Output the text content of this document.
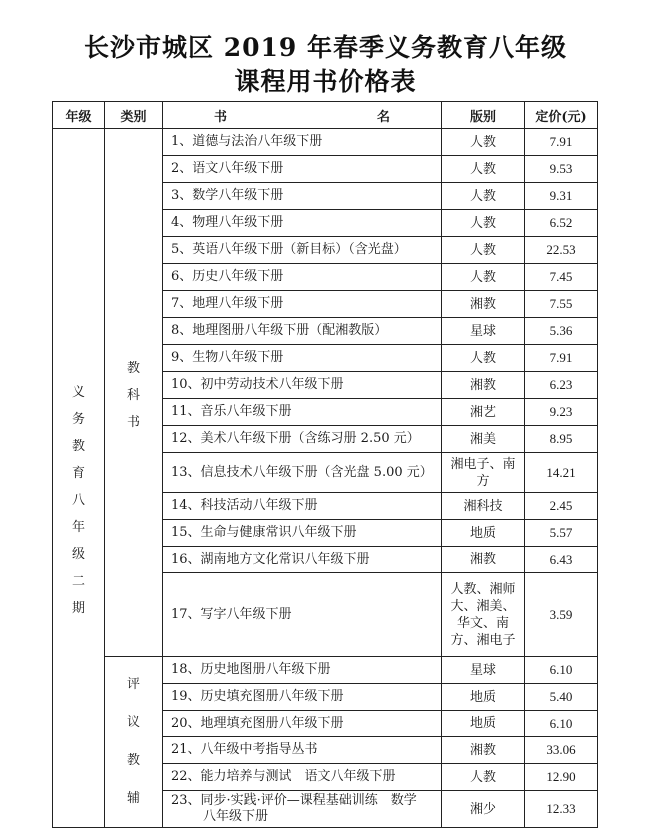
长沙市城区 2019 年春季义务教育八年级
课程用书价格表
年级	类别	书 名	版别	定价(元)
义务教育八年级二期	教科书	1、道德与法治八年级下册	人教	7.91
		2、语文八年级下册	人教	9.53
		3、数学八年级下册	人教	9.31
		4、物理八年级下册	人教	6.52
		5、英语八年级下册（新目标）（含光盘）	人教	22.53
		6、历史八年级下册	人教	7.45
		7、地理八年级下册	湘教	7.55
		8、地理图册八年级下册（配湘教版）	星球	5.36
		9、生物八年级下册	人教	7.91
		10、初中劳动技术八年级下册	湘教	6.23
		11、音乐八年级下册	湘艺	9.23
		12、美术八年级下册（含练习册 2.50 元）	湘美	8.95
		13、信息技术八年级下册（含光盘 5.00 元）	湘电子、南方	14.21
		14、科技活动八年级下册	湘科技	2.45
		15、生命与健康常识八年级下册	地质	5.57
		16、湖南地方文化常识八年级下册	湘教	6.43
		17、写字八年级下册	人教、湘师大、湘美、华文、南方、湘电子	3.59
	评议教辅	18、历史地图册八年级下册	星球	6.10
		19、历史填充图册八年级下册	地质	5.40
		20、地理填充图册八年级下册	地质	6.10
		21、八年级中考指导丛书	湘教	33.06
		22、能力培养与测试　语文八年级下册	人教	12.90
		23、同步·实践·评价—课程基础训练　数学
八年级下册	湘少	12.33
